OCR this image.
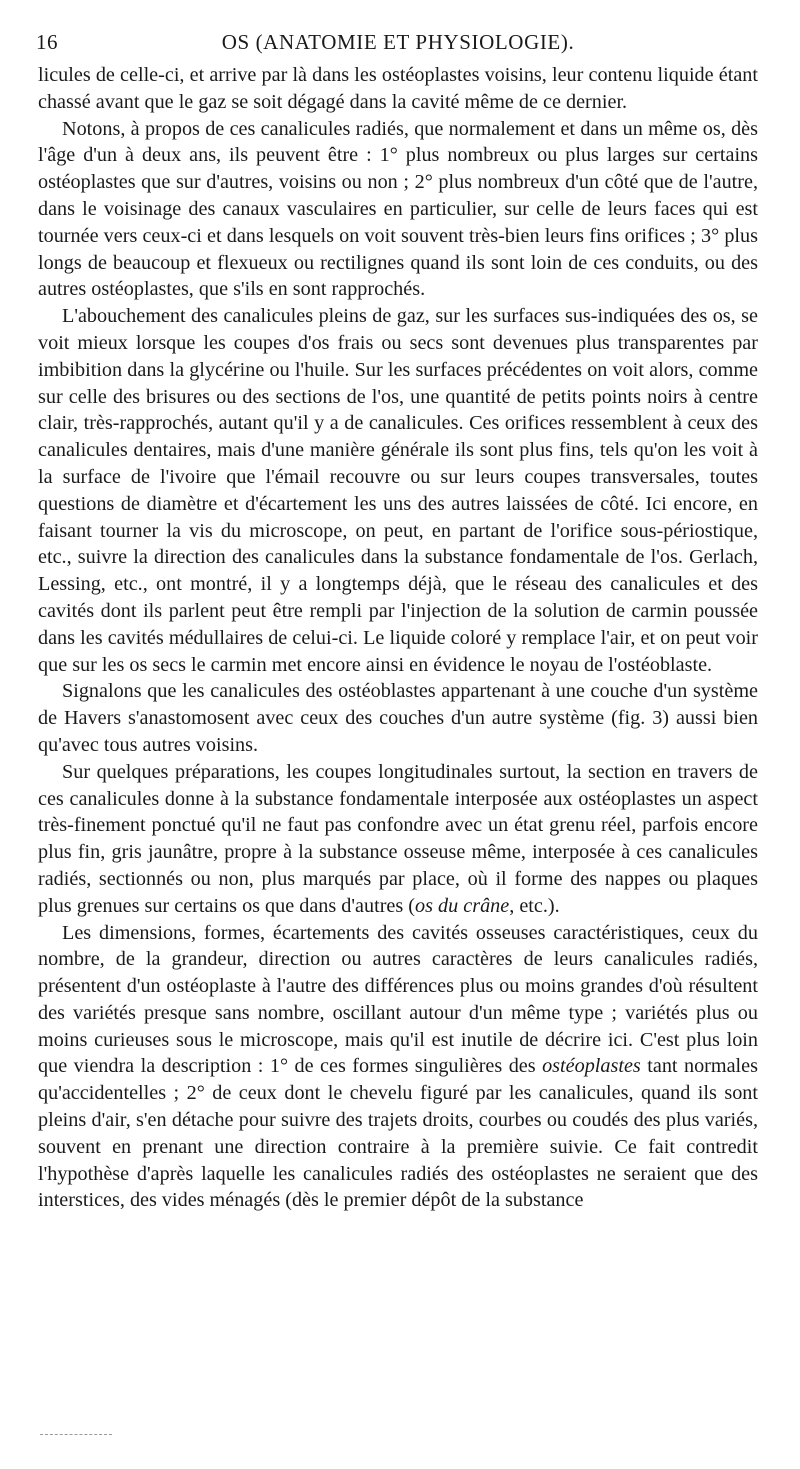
16	OS (ANATOMIE ET PHYSIOLOGIE).

licules de celle-ci, et arrive par là dans les ostéoplastes voisins, leur contenu liquide étant chassé avant que le gaz se soit dégagé dans la cavité même de ce dernier.

Notons, à propos de ces canalicules radiés, que normalement et dans un même os, dès l'âge d'un à deux ans, ils peuvent être : 1° plus nombreux ou plus larges sur certains ostéoplastes que sur d'autres, voisins ou non ; 2° plus nombreux d'un côté que de l'autre, dans le voisinage des canaux vasculaires en particulier, sur celle de leurs faces qui est tournée vers ceux-ci et dans lesquels on voit souvent très-bien leurs fins orifices ; 3° plus longs de beaucoup et flexueux ou rectilignes quand ils sont loin de ces conduits, ou des autres ostéoplastes, que s'ils en sont rapprochés.

L'abouchement des canalicules pleins de gaz, sur les surfaces sus-indiquées des os, se voit mieux lorsque les coupes d'os frais ou secs sont devenues plus transparentes par imbibition dans la glycérine ou l'huile. Sur les surfaces précédentes on voit alors, comme sur celle des brisures ou des sections de l'os, une quantité de petits points noirs à centre clair, très-rapprochés, autant qu'il y a de canalicules. Ces orifices ressemblent à ceux des canalicules dentaires, mais d'une manière générale ils sont plus fins, tels qu'on les voit à la surface de l'ivoire que l'émail recouvre ou sur leurs coupes transversales, toutes questions de diamètre et d'écartement les uns des autres laissées de côté. Ici encore, en faisant tourner la vis du microscope, on peut, en partant de l'orifice sous-périostique, etc., suivre la direction des canalicules dans la substance fondamentale de l'os. Gerlach, Lessing, etc., ont montré, il y a longtemps déjà, que le réseau des canalicules et des cavités dont ils parlent peut être rempli par l'injection de la solution de carmin poussée dans les cavités médullaires de celui-ci. Le liquide coloré y remplace l'air, et on peut voir que sur les os secs le carmin met encore ainsi en évidence le noyau de l'ostéoblaste.

Signalons que les canalicules des ostéoblastes appartenant à une couche d'un système de Havers s'anastomosent avec ceux des couches d'un autre système (fig. 3) aussi bien qu'avec tous autres voisins.

Sur quelques préparations, les coupes longitudinales surtout, la section en travers de ces canalicules donne à la substance fondamentale interposée aux ostéoplastes un aspect très-finement ponctué qu'il ne faut pas confondre avec un état grenu réel, parfois encore plus fin, gris jaunâtre, propre à la substance osseuse même, interposée à ces canalicules radiés, sectionnés ou non, plus marqués par place, où il forme des nappes ou plaques plus grenues sur certains os que dans d'autres (os du crâne, etc.).

Les dimensions, formes, écartements des cavités osseuses caractéristiques, ceux du nombre, de la grandeur, direction ou autres caractères de leurs canalicules radiés, présentent d'un ostéoplaste à l'autre des différences plus ou moins grandes d'où résultent des variétés presque sans nombre, oscillant autour d'un même type ; variétés plus ou moins curieuses sous le microscope, mais qu'il est inutile de décrire ici. C'est plus loin que viendra la description : 1° de ces formes singulières des ostéoplastes tant normales qu'accidentelles ; 2° de ceux dont le chevelu figuré par les canalicules, quand ils sont pleins d'air, s'en détache pour suivre des trajets droits, courbes ou coudés des plus variés, souvent en prenant une direction contraire à la première suivie. Ce fait contredit l'hypothèse d'après laquelle les canalicules radiés des ostéoplastes ne seraient que des interstices, des vides ménagés (dès le premier dépôt de la substance
